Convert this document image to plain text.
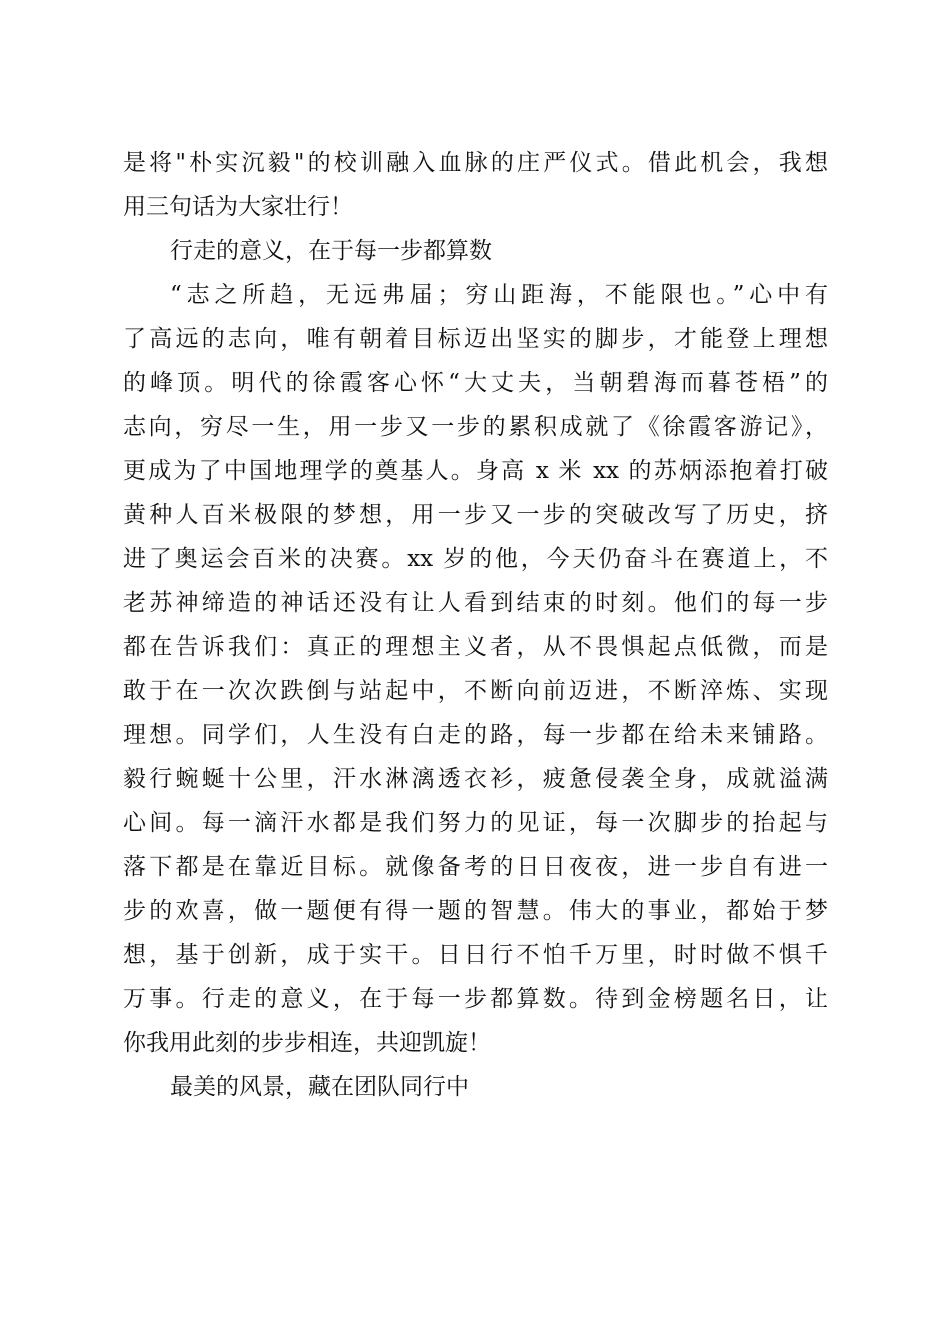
是将"朴实沉毅"的校训融入血脉的庄严仪式。借此机会，我想
用三句话为大家壮行！
行走的意义，在于每一步都算数
“志之所趋，无远弗届；穷山距海，不能限也。”心中有
了高远的志向，唯有朝着目标迈出坚实的脚步，才能登上理想
的峰顶。明代的徐霞客心怀“大丈夫，当朝碧海而暮苍梧”的
志向，穷尽一生，用一步又一步的累积成就了《徐霞客游记》，
更成为了中国地理学的奠基人。身高 x 米 xx 的苏炳添抱着打破
黄种人百米极限的梦想，用一步又一步的突破改写了历史，挤
进了奥运会百米的决赛。xx 岁的他，今天仍奋斗在赛道上，不
老苏神缔造的神话还没有让人看到结束的时刻。他们的每一步
都在告诉我们：真正的理想主义者，从不畏惧起点低微，而是
敢于在一次次跌倒与站起中，不断向前迈进，不断淬炼、实现
理想。同学们，人生没有白走的路，每一步都在给未来铺路。
毅行蜿蜒十公里，汗水淋漓透衣衫，疲惫侵袭全身，成就溢满
心间。每一滴汗水都是我们努力的见证，每一次脚步的抬起与
落下都是在靠近目标。就像备考的日日夜夜，进一步自有进一
步的欢喜，做一题便有得一题的智慧。伟大的事业，都始于梦
想，基于创新，成于实干。日日行不怕千万里，时时做不惧千
万事。行走的意义，在于每一步都算数。待到金榜题名日，让
你我用此刻的步步相连，共迎凯旋！
最美的风景，藏在团队同行中
